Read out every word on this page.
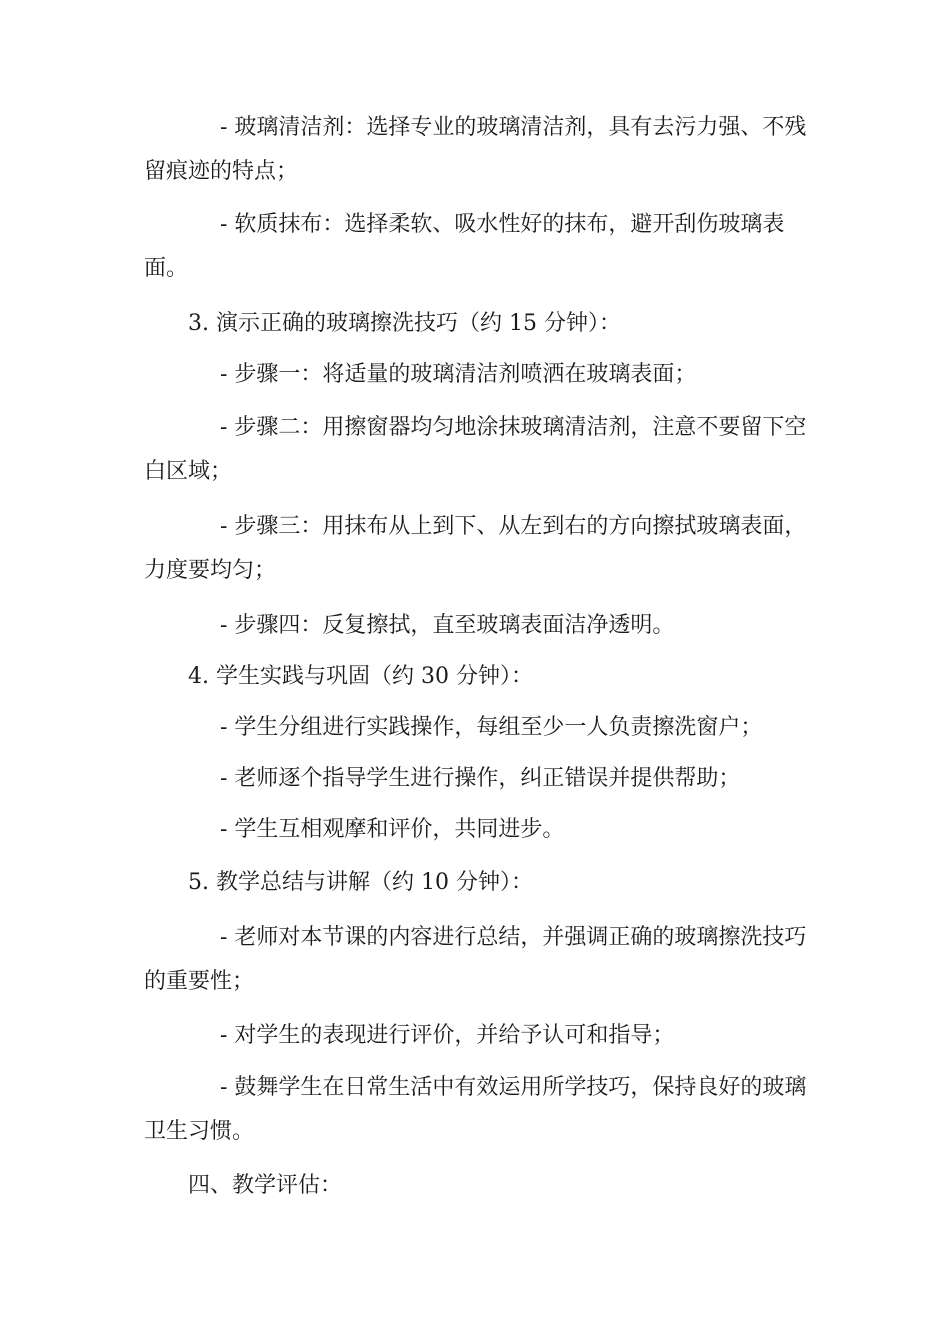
- 玻璃清洁剂：选择专业的玻璃清洁剂，具有去污力强、不残留痕迹的特点；

- 软质抹布：选择柔软、吸水性好的抹布，避开刮伤玻璃表面。

3. 演示正确的玻璃擦洗技巧（约 15 分钟）：

- 步骤一：将适量的玻璃清洁剂喷洒在玻璃表面；

- 步骤二：用擦窗器均匀地涂抹玻璃清洁剂，注意不要留下空白区域；

- 步骤三：用抹布从上到下、从左到右的方向擦拭玻璃表面，力度要均匀；

- 步骤四：反复擦拭，直至玻璃表面洁净透明。

4. 学生实践与巩固（约 30 分钟）：

- 学生分组进行实践操作，每组至少一人负责擦洗窗户；

- 老师逐个指导学生进行操作，纠正错误并提供帮助；

- 学生互相观摩和评价，共同进步。

5. 教学总结与讲解（约 10 分钟）：

- 老师对本节课的内容进行总结，并强调正确的玻璃擦洗技巧的重要性；

- 对学生的表现进行评价，并给予认可和指导；

- 鼓舞学生在日常生活中有效运用所学技巧，保持良好的玻璃卫生习惯。

四、教学评估：
